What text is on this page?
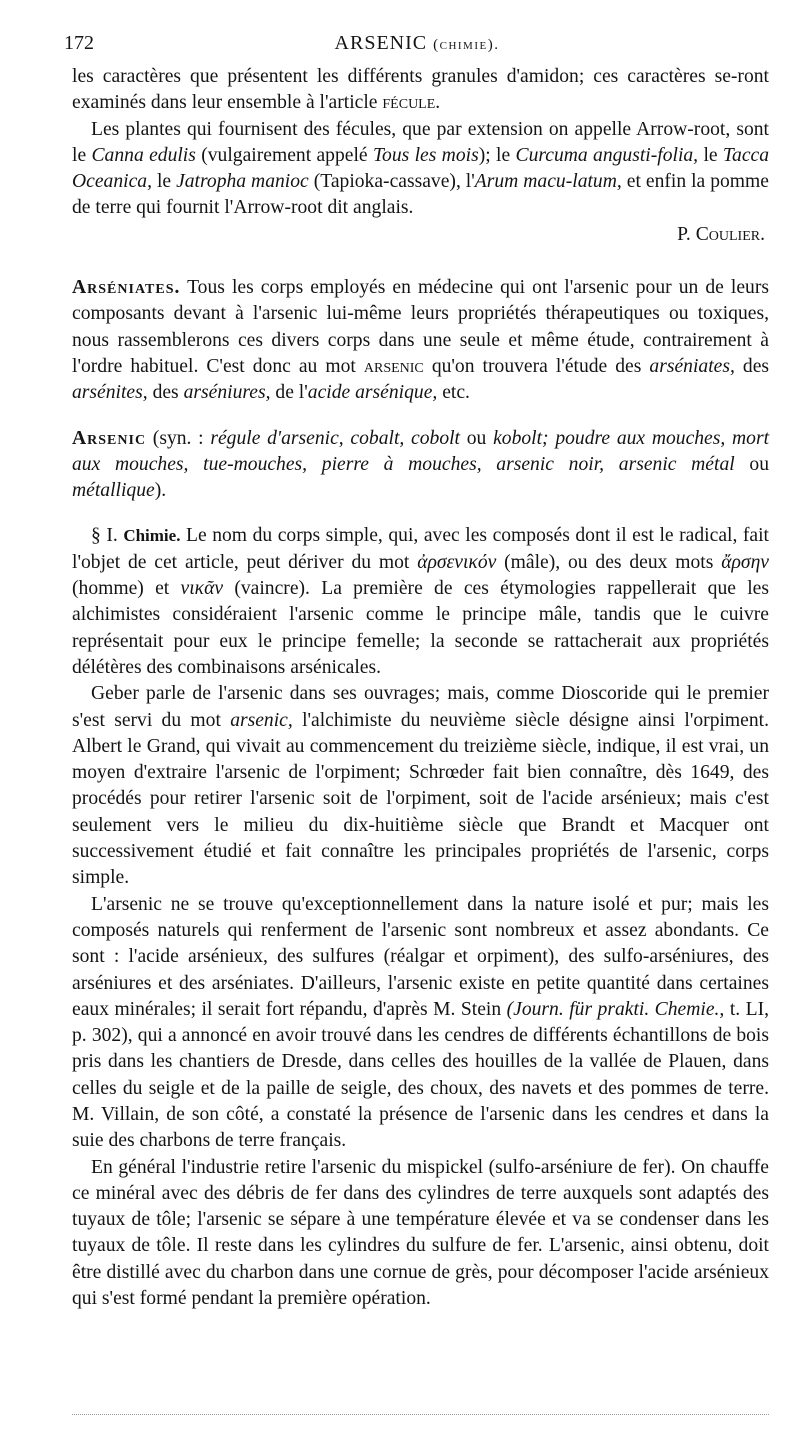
172	ARSENIC (chimie).

les caractères que présentent les différents granules d'amidon; ces caractères se-ront examinés dans leur ensemble à l'article fécule.

Les plantes qui fournisent des fécules, que par extension on appelle Arrow-root, sont le Canna edulis (vulgairement appelé Tous les mois); le Curcuma angusti-folia, le Tacca Oceanica, le Jatropha manioc (Tapioka-cassave), l'Arum macu-latum, et enfin la pomme de terre qui fournit l'Arrow-root dit anglais.

P. Coulier.

Arséniates. Tous les corps employés en médecine qui ont l'arsenic pour un de leurs composants devant à l'arsenic lui-même leurs propriétés thérapeutiques ou toxiques, nous rassemblerons ces divers corps dans une seule et même étude, contrairement à l'ordre habituel. C'est donc au mot arsenic qu'on trouvera l'étude des arséniates, des arsénites, des arséniures, de l'acide arsénique, etc.

Arsenic (syn. : régule d'arsenic, cobalt, cobolt ou kobolt; poudre aux mouches, mort aux mouches, tue-mouches, pierre à mouches, arsenic noir, arsenic métal ou métallique).

§ I. Chimie. Le nom du corps simple, qui, avec les composés dont il est le radical, fait l'objet de cet article, peut dériver du mot ἀρσενικόν (mâle), ou des deux mots ἄρσην (homme) et νικᾶν (vaincre). La première de ces étymologies rappellerait que les alchimistes considéraient l'arsenic comme le principe mâle, tandis que le cuivre représentait pour eux le principe femelle; la seconde se rattacherait aux propriétés délétères des combinaisons arsénicales.

Geber parle de l'arsenic dans ses ouvrages; mais, comme Dioscoride qui le premier s'est servi du mot arsenic, l'alchimiste du neuvième siècle désigne ainsi l'orpiment. Albert le Grand, qui vivait au commencement du treizième siècle, indique, il est vrai, un moyen d'extraire l'arsenic de l'orpiment; Schrœder fait bien connaître, dès 1649, des procédés pour retirer l'arsenic soit de l'orpiment, soit de l'acide arsénieux; mais c'est seulement vers le milieu du dix-huitième siècle que Brandt et Macquer ont successivement étudié et fait connaître les principales propriétés de l'arsenic, corps simple.

L'arsenic ne se trouve qu'exceptionnellement dans la nature isolé et pur; mais les composés naturels qui renferment de l'arsenic sont nombreux et assez abondants. Ce sont : l'acide arsénieux, des sulfures (réalgar et orpiment), des sulfo-arséniures, des arséniures et des arséniates. D'ailleurs, l'arsenic existe en petite quantité dans certaines eaux minérales; il serait fort répandu, d'après M. Stein (Journ. für prakti. Chemie., t. LI, p. 302), qui a annoncé en avoir trouvé dans les cendres de différents échantillons de bois pris dans les chantiers de Dresde, dans celles des houilles de la vallée de Plauen, dans celles du seigle et de la paille de seigle, des choux, des navets et des pommes de terre. M. Villain, de son côté, a constaté la présence de l'arsenic dans les cendres et dans la suie des charbons de terre français.

En général l'industrie retire l'arsenic du mispickel (sulfo-arséniure de fer). On chauffe ce minéral avec des débris de fer dans des cylindres de terre auxquels sont adaptés des tuyaux de tôle; l'arsenic se sépare à une température élevée et va se condenser dans les tuyaux de tôle. Il reste dans les cylindres du sulfure de fer. L'arsenic, ainsi obtenu, doit être distillé avec du charbon dans une cornue de grès, pour décomposer l'acide arsénieux qui s'est formé pendant la première opération.
